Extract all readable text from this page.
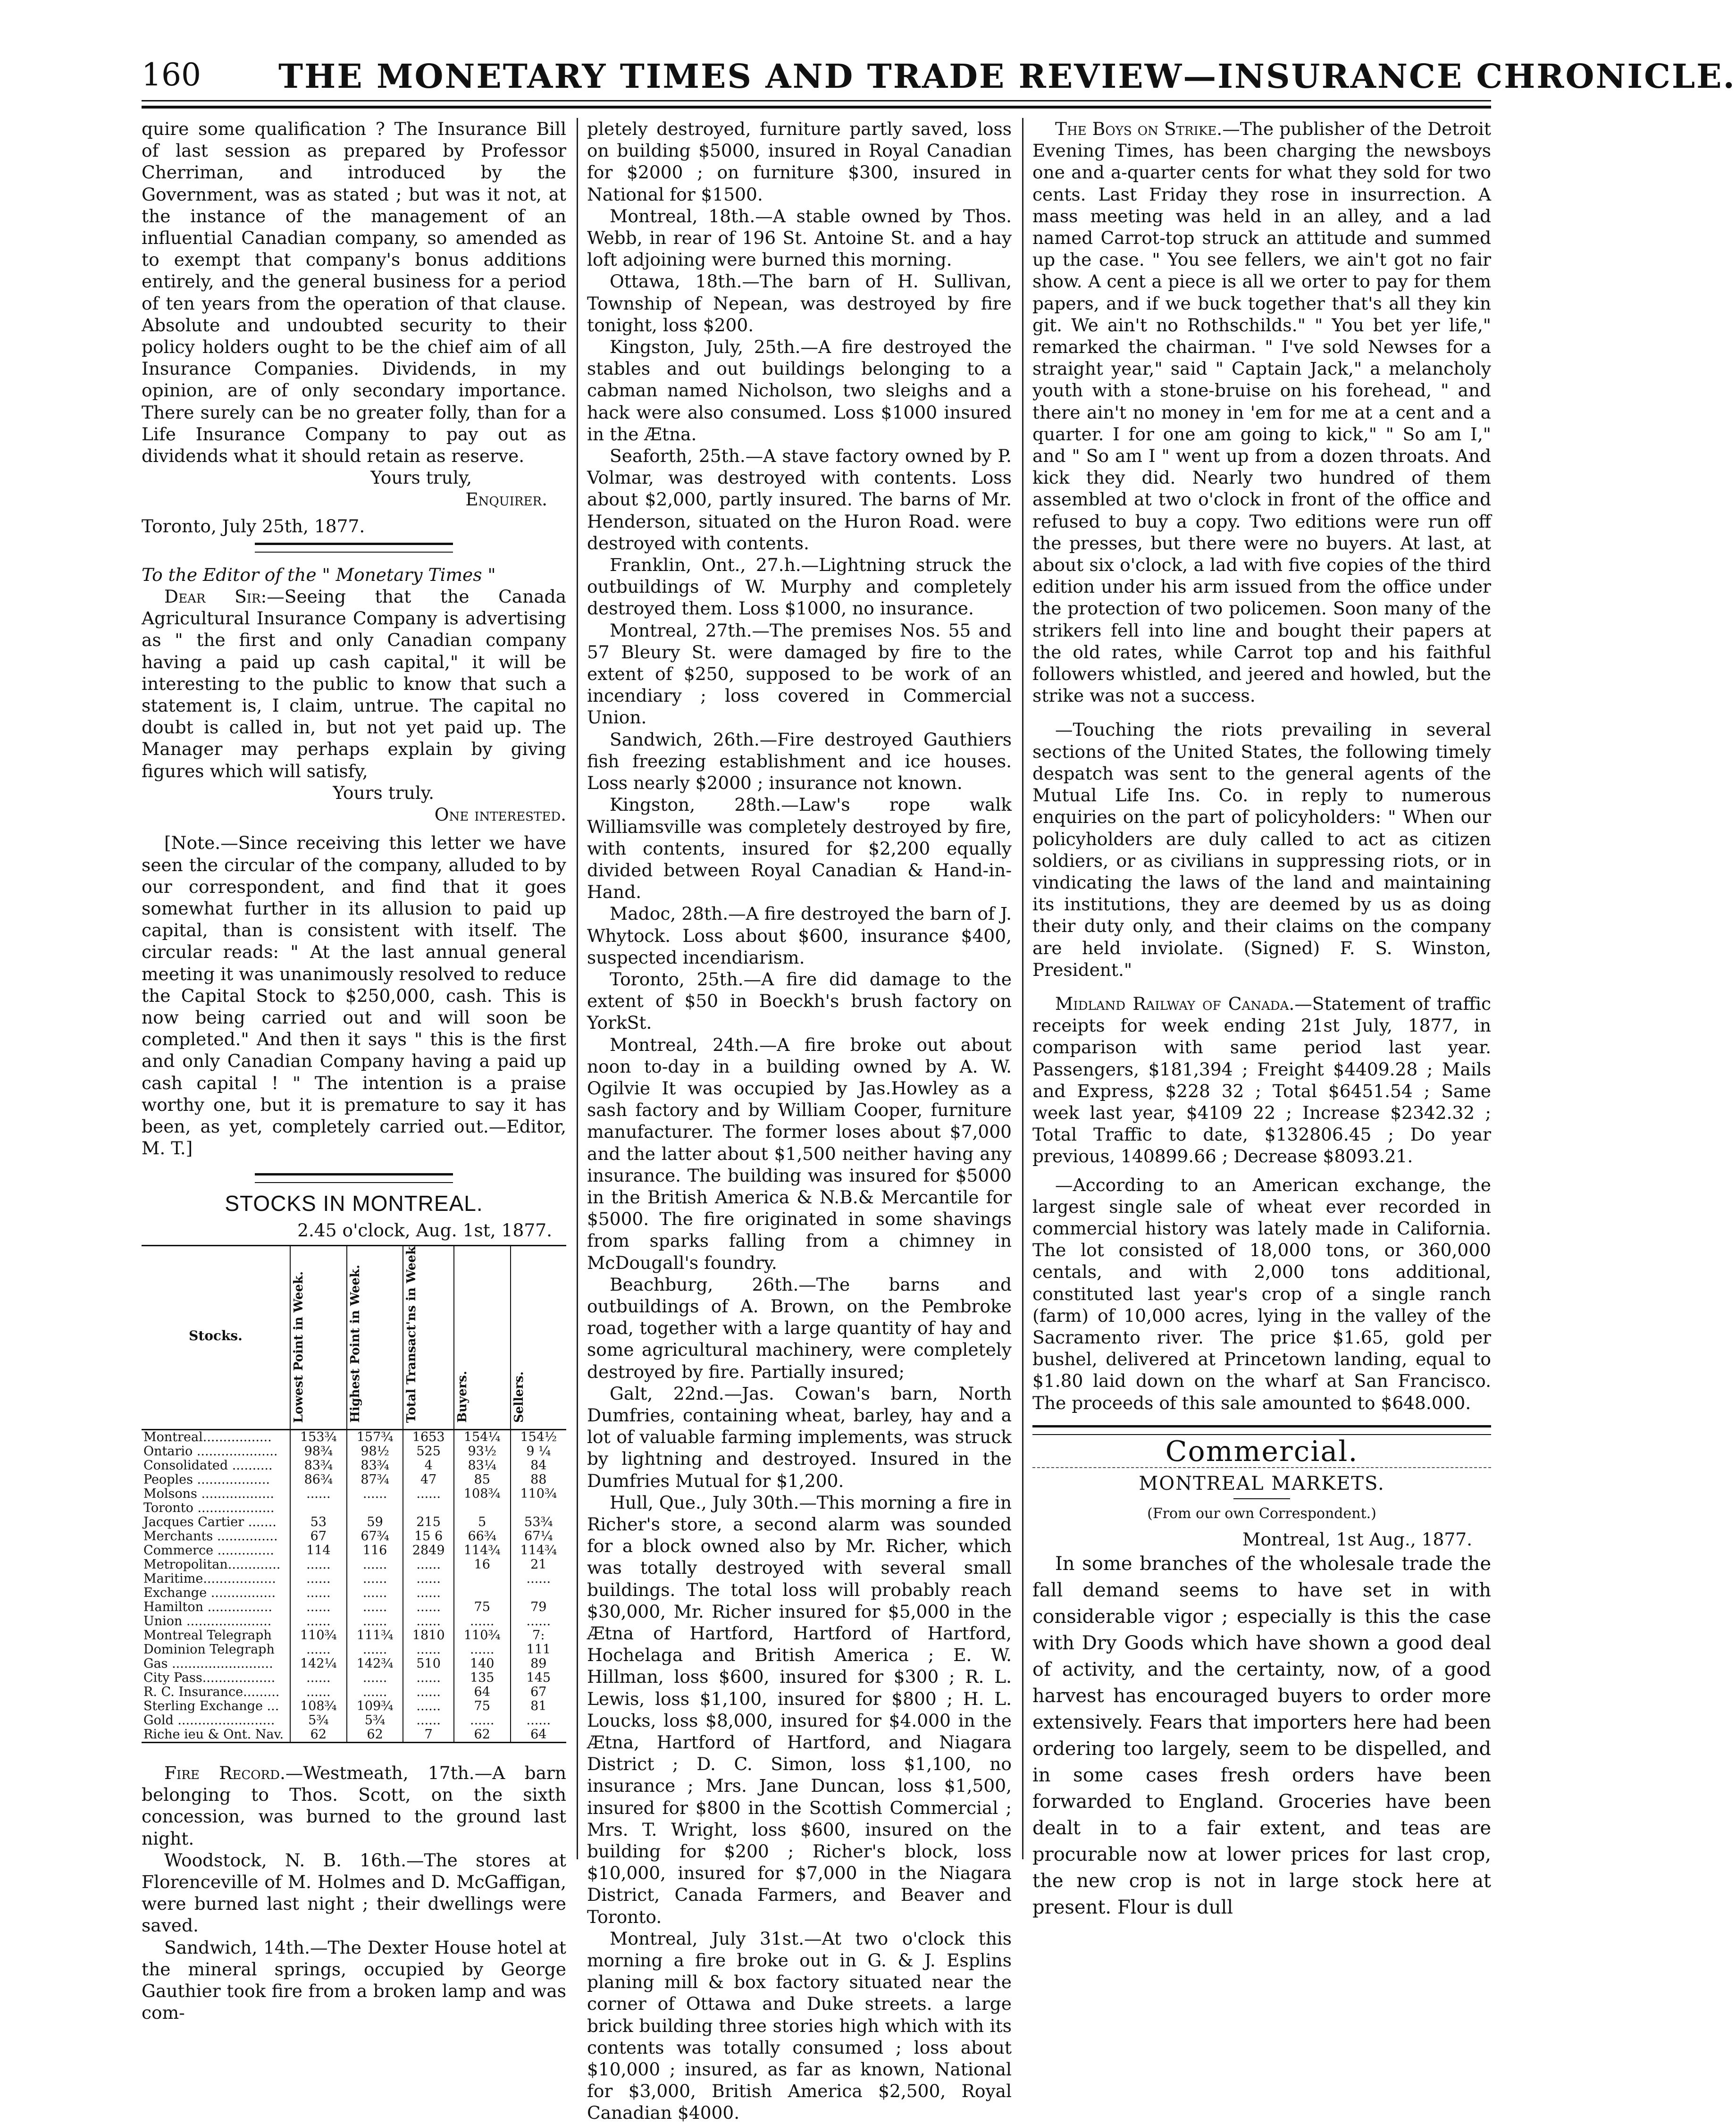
160 THE MONETARY TIMES AND TRADE REVIEW—INSURANCE CHRONICLE.

quire some qualification ? The Insurance Bill of last session as prepared by Professor Cherriman, and introduced by the Government, was as stated ; but was it not, at the instance of the management of an influential Canadian company, so amended as to exempt that company's bonus additions entirely, and the general business for a period of ten years from the operation of that clause. Absolute and undoubted security to their policy holders ought to be the chief aim of all Insurance Companies. Dividends, in my opinion, are of only secondary importance. There surely can be no greater folly, than for a Life Insurance Company to pay out as dividends what it should retain as reserve.

Yours truly,

Enquirer.

Toronto, July 25th, 1877.

To the Editor of the " Monetary Times "

Dear Sir:—Seeing that the Canada Agricultural Insurance Company is advertising as " the first and only Canadian company having a paid up cash capital," it will be interesting to the public to know that such a statement is, I claim, untrue. The capital no doubt is called in, but not yet paid up. The Manager may perhaps explain by giving figures which will satisfy,

Yours truly.

One interested.

[Note.—Since receiving this letter we have seen the circular of the company, alluded to by our correspondent, and find that it goes somewhat further in its allusion to paid up capital, than is consistent with itself. The circular reads: " At the last annual general meeting it was unanimously resolved to reduce the Capital Stock to $250,000, cash. This is now being carried out and will soon be completed." And then it says " this is the first and only Canadian Company having a paid up cash capital ! " The intention is a praise worthy one, but it is premature to say it has been, as yet, completely carried out.—Editor, M. T.]

STOCKS IN MONTREAL.

2.45 o'clock, Aug. 1st, 1877.

Stocks.	Lowest Point in Week.	Highest Point in Week.	Total Transact'ns in Week	Buyers.	Sellers.
Montreal.................	153¾	157¾	1653	154¼	154½
Ontario ....................	98¾	98½	525	93½	9 ¼
Consolidated ..........	83¾	83¾	4	83¼	84
Peoples ..................	86¾	87¾	47	85	88
Molsons ..................	......	......	......	108¾	110¾
Toronto ...................					
Jacques Cartier .......	53	59	215	5	53¾
Merchants ...............	67	67¾	15 6	66¾	67¼
Commerce ..............	114	116	2849	114¾	114¾
Metropolitan.............	......	......	......	16	21
Maritime..................	......	......	......		......
Exchange ................	......	......	......		
Hamilton ................	......	......	......	75	79
Union .....................	......	......	......	......	......
Montreal Telegraph	110¾	111¾	1810	110¾	7:
Dominion Telegraph	......	......	......	......	111
Gas .........................	142¼	142¾	510	140	89
City Pass..................	......	......	......	135	145
R. C. Insurance.........	......	......	......	64	67
Sterling Exchange ...	108¾	109¾	......	75	81
Gold ........................	5¾	5¾	......	......	......
Riche ieu & Ont. Nav.	62	62	7	62	64

Fire Record.—Westmeath, 17th.—A barn belonging to Thos. Scott, on the sixth concession, was burned to the ground last night.

Woodstock, N. B. 16th.—The stores at Florenceville of M. Holmes and D. McGaffigan, were burned last night ; their dwellings were saved.

Sandwich, 14th.—The Dexter House hotel at the mineral springs, occupied by George Gauthier took fire from a broken lamp and was com-

pletely destroyed, furniture partly saved, loss on building $5000, insured in Royal Canadian for $2000 ; on furniture $300, insured in National for $1500.

Montreal, 18th.—A stable owned by Thos. Webb, in rear of 196 St. Antoine St. and a hay loft adjoining were burned this morning.

Ottawa, 18th.—The barn of H. Sullivan, Township of Nepean, was destroyed by fire tonight, loss $200.

Kingston, July, 25th.—A fire destroyed the stables and out buildings belonging to a cabman named Nicholson, two sleighs and a hack were also consumed. Loss $1000 insured in the Ætna.

Seaforth, 25th.—A stave factory owned by P. Volmar, was destroyed with contents. Loss about $2,000, partly insured. The barns of Mr. Henderson, situated on the Huron Road. were destroyed with contents.

Franklin, Ont., 27.h.—Lightning struck the outbuildings of W. Murphy and completely destroyed them. Loss $1000, no insurance.

Montreal, 27th.—The premises Nos. 55 and 57 Bleury St. were damaged by fire to the extent of $250, supposed to be work of an incendiary ; loss covered in Commercial Union.

Sandwich, 26th.—Fire destroyed Gauthiers fish freezing establishment and ice houses. Loss nearly $2000 ; insurance not known.

Kingston, 28th.—Law's rope walk Williamsville was completely destroyed by fire, with contents, insured for $2,200 equally divided between Royal Canadian & Hand-in-Hand.

Madoc, 28th.—A fire destroyed the barn of J. Whytock. Loss about $600, insurance $400, suspected incendiarism.

Toronto, 25th.—A fire did damage to the extent of $50 in Boeckh's brush factory on YorkSt.

Montreal, 24th.—A fire broke out about noon to-day in a building owned by A. W. Ogilvie It was occupied by Jas.Howley as a sash factory and by William Cooper, furniture manufacturer. The former loses about $7,000 and the latter about $1,500 neither having any insurance. The building was insured for $5000 in the British America & N.B.& Mercantile for $5000. The fire originated in some shavings from sparks falling from a chimney in McDougall's foundry.

Beachburg, 26th.—The barns and outbuildings of A. Brown, on the Pembroke road, together with a large quantity of hay and some agricultural machinery, were completely destroyed by fire. Partially insured;

Galt, 22nd.—Jas. Cowan's barn, North Dumfries, containing wheat, barley, hay and a lot of valuable farming implements, was struck by lightning and destroyed. Insured in the Dumfries Mutual for $1,200.

Hull, Que., July 30th.—This morning a fire in Richer's store, a second alarm was sounded for a block owned also by Mr. Richer, which was totally destroyed with several small buildings. The total loss will probably reach $30,000, Mr. Richer insured for $5,000 in the Ætna of Hartford, Hartford of Hartford, Hochelaga and British America ; E. W. Hillman, loss $600, insured for $300 ; R. L. Lewis, loss $1,100, insured for $800 ; H. L. Loucks, loss $8,000, insured for $4.000 in the Ætna, Hartford of Hartford, and Niagara District ; D. C. Simon, loss $1,100, no insurance ; Mrs. Jane Duncan, loss $1,500, insured for $800 in the Scottish Commercial ; Mrs. T. Wright, loss $600, insured on the building for $200 ; Richer's block, loss $10,000, insured for $7,000 in the Niagara District, Canada Farmers, and Beaver and Toronto.

Montreal, July 31st.—At two o'clock this morning a fire broke out in G. & J. Esplins planing mill & box factory situated near the corner of Ottawa and Duke streets. a large brick building three stories high which with its contents was totally consumed ; loss about $10,000 ; insured, as far as known, National for $3,000, British America $2,500, Royal Canadian $4000.

The Boys on Strike.—The publisher of the Detroit Evening Times, has been charging the newsboys one and a-quarter cents for what they sold for two cents. Last Friday they rose in insurrection. A mass meeting was held in an alley, and a lad named Carrot-top struck an attitude and summed up the case. " You see fellers, we ain't got no fair show. A cent a piece is all we orter to pay for them papers, and if we buck together that's all they kin git. We ain't no Rothschilds." " You bet yer life," remarked the chairman. " I've sold Newses for a straight year," said " Captain Jack," a melancholy youth with a stone-bruise on his forehead, " and there ain't no money in 'em for me at a cent and a quarter. I for one am going to kick," " So am I," and " So am I " went up from a dozen throats. And kick they did. Nearly two hundred of them assembled at two o'clock in front of the office and refused to buy a copy. Two editions were run off the presses, but there were no buyers. At last, at about six o'clock, a lad with five copies of the third edition under his arm issued from the office under the protection of two policemen. Soon many of the strikers fell into line and bought their papers at the old rates, while Carrot top and his faithful followers whistled, and jeered and howled, but the strike was not a success.

—Touching the riots prevailing in several sections of the United States, the following timely despatch was sent to the general agents of the Mutual Life Ins. Co. in reply to numerous enquiries on the part of policyholders: " When our policyholders are duly called to act as citizen soldiers, or as civilians in suppressing riots, or in vindicating the laws of the land and maintaining its institutions, they are deemed by us as doing their duty only, and their claims on the company are held inviolate. (Signed) F. S. Winston, President."

Midland Railway of Canada.—Statement of traffic receipts for week ending 21st July, 1877, in comparison with same period last year. Passengers, $181,394 ; Freight $4409.28 ; Mails and Express, $228 32 ; Total $6451.54 ; Same week last year, $4109 22 ; Increase $2342.32 ; Total Traffic to date, $132806.45 ; Do year previous, 140899.66 ; Decrease $8093.21.

—According to an American exchange, the largest single sale of wheat ever recorded in commercial history was lately made in California. The lot consisted of 18,000 tons, or 360,000 centals, and with 2,000 tons additional, constituted last year's crop of a single ranch (farm) of 10,000 acres, lying in the valley of the Sacramento river. The price $1.65, gold per bushel, delivered at Princetown landing, equal to $1.80 laid down on the wharf at San Francisco. The proceeds of this sale amounted to $648.000.

Commercial.
MONTREAL MARKETS.
(From our own Correspondent.)

Montreal, 1st Aug., 1877.

In some branches of the wholesale trade the fall demand seems to have set in with considerable vigor ; especially is this the case with Dry Goods which have shown a good deal of activity, and the certainty, now, of a good harvest has encouraged buyers to order more extensively. Fears that importers here had been ordering too largely, seem to be dispelled, and in some cases fresh orders have been forwarded to England. Groceries have been dealt in to a fair extent, and teas are procurable now at lower prices for last crop, the new crop is not in large stock here at present. Flour is dull
